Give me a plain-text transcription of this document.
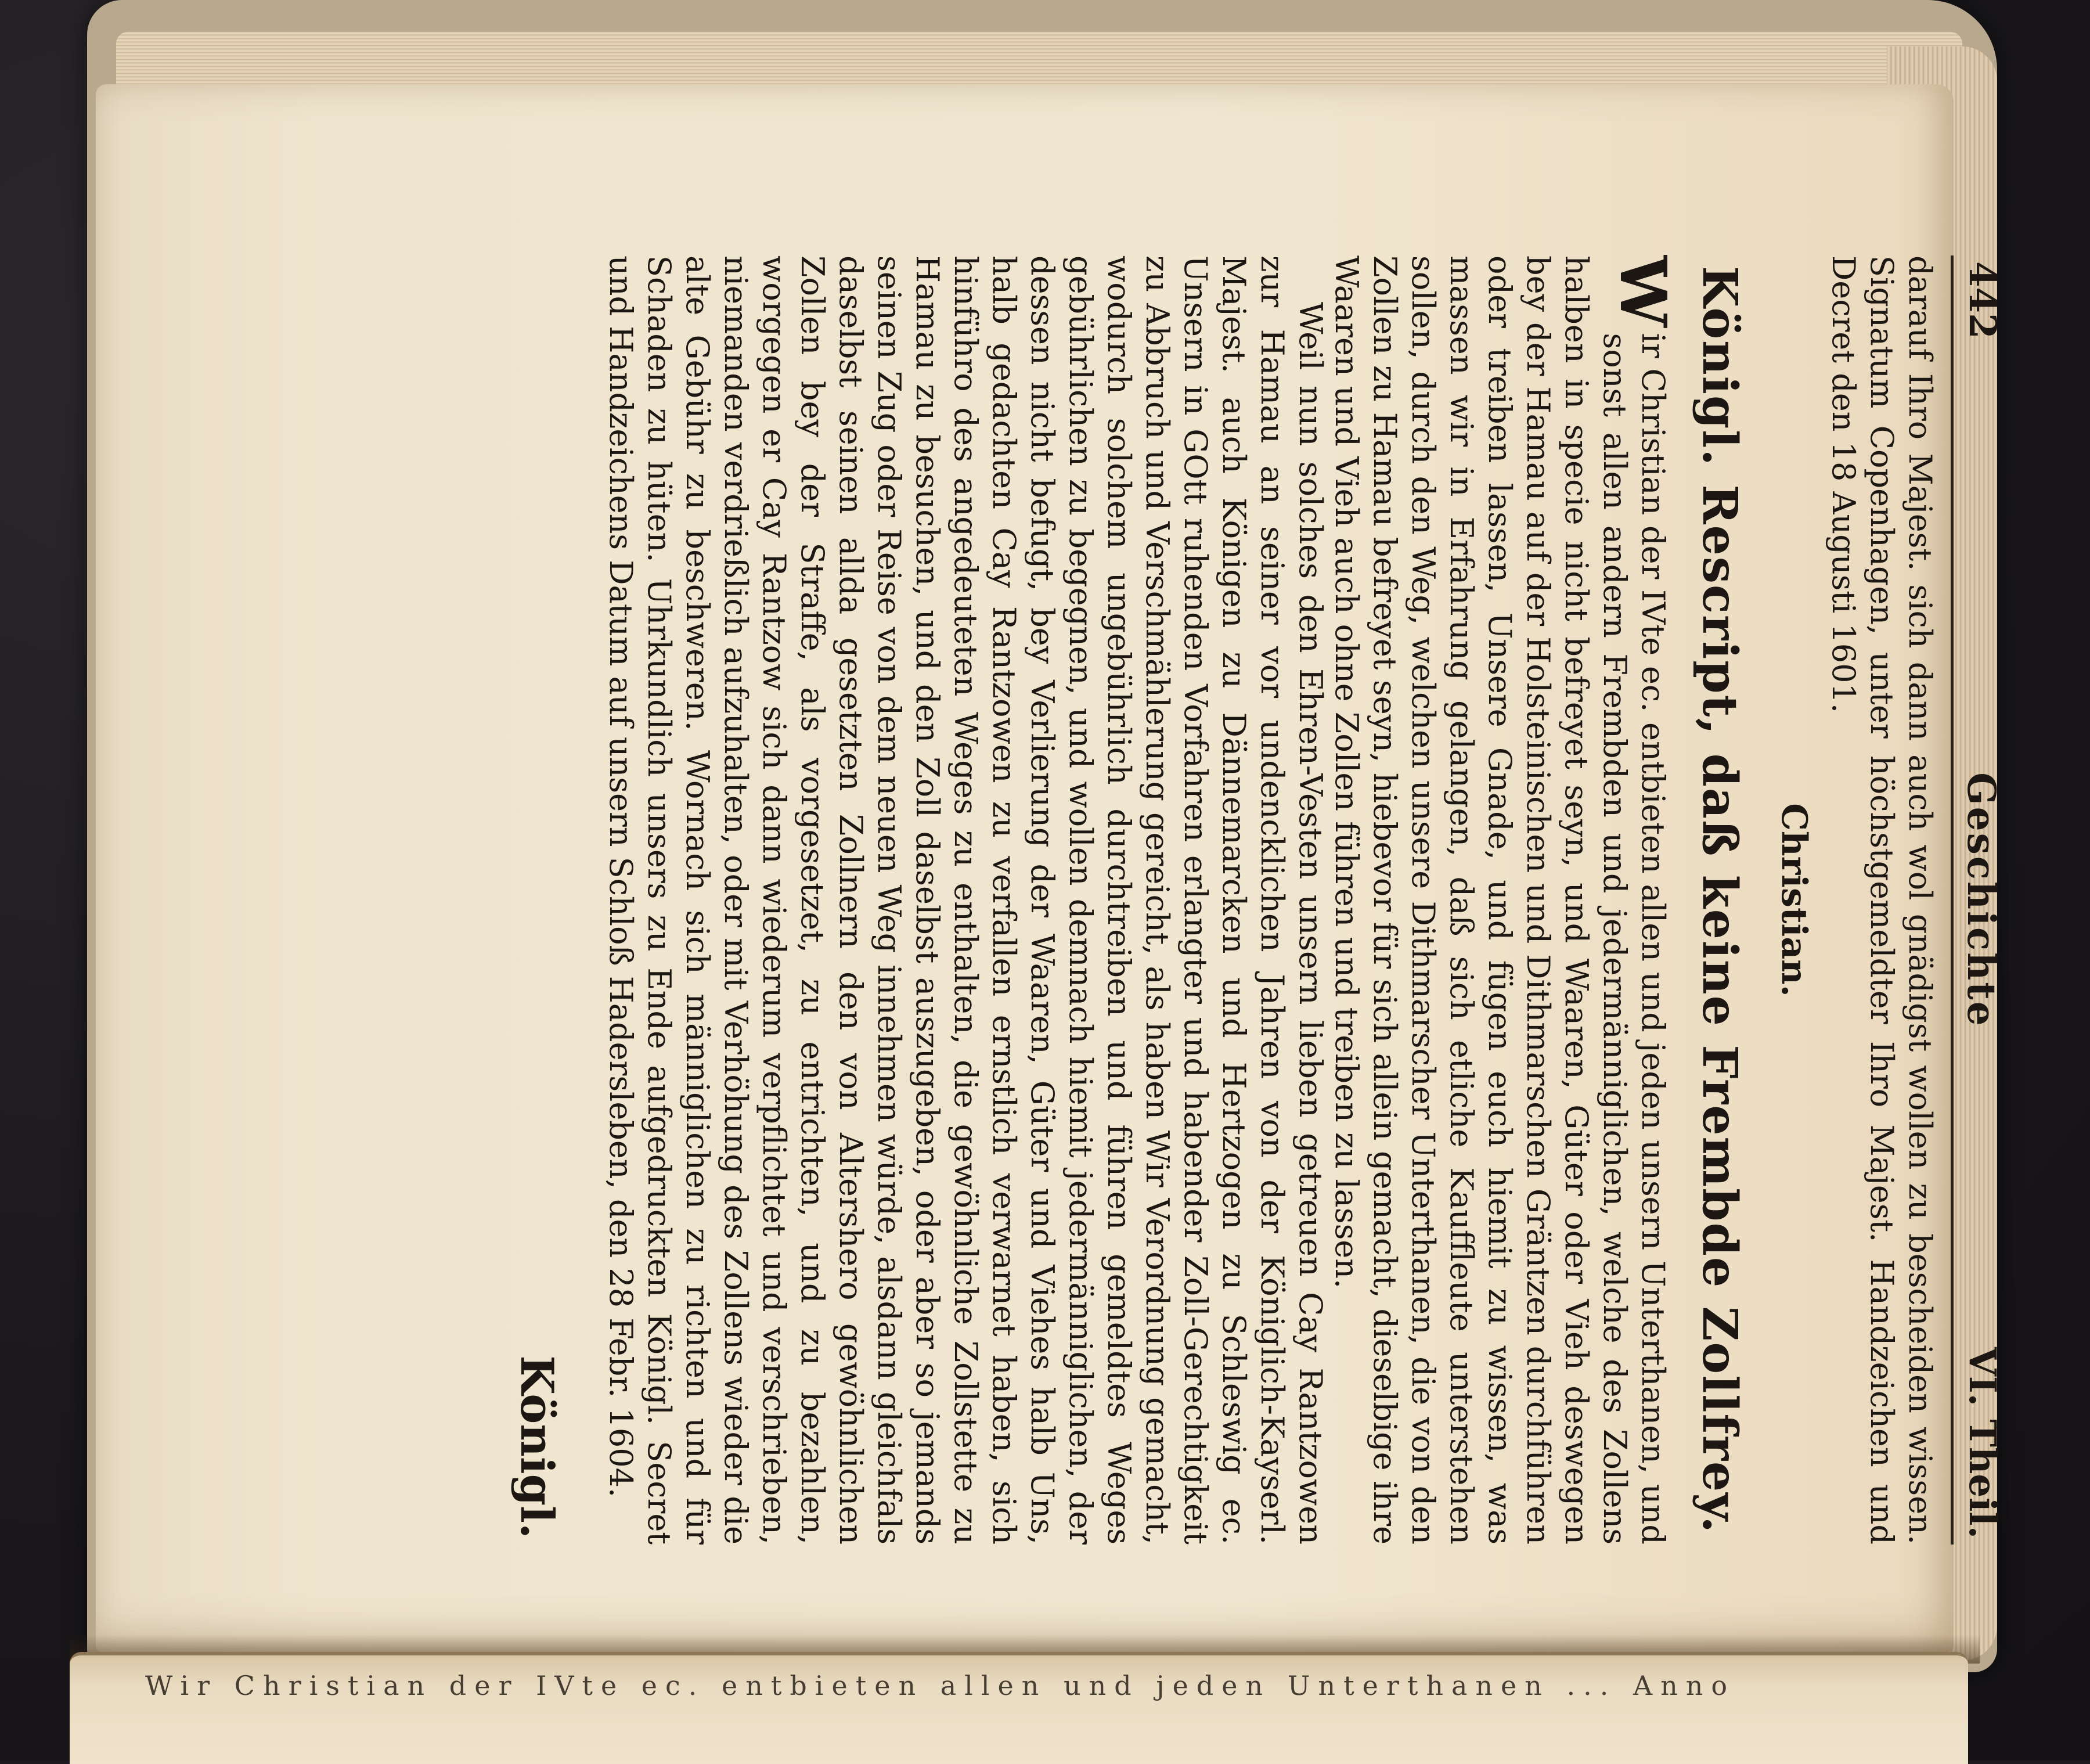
442
Geschichte
VI. Theil.
darauf Ihro Majest. sich dann auch wol gnädigst wollen zu bescheiden wissen. Signatum Copenhagen, unter höchstgemeldter Ihro Majest. Handzeichen und Decret den 18 Augusti 1601.
Christian.
Königl. Rescript, daß keine Frembde Zollfrey.
W
ir Christian der IVte ec. entbieten allen und jeden unsern Unterthanen, und sonst allen andern Frembden und jedermänniglichen, welche des Zollens halben in specie nicht befreyet seyn, und Waaren, Güter oder Vieh deswegen bey der Hamau auf der Holsteinischen und Dithmarschen Gräntzen durchführen oder treiben lassen, Unsere Gnade, und fügen euch hiemit zu wissen, was massen wir in Erfahrung gelangen, daß sich etliche Kauffleute unterstehen sollen, durch den Weg, welchen unsere Dithmarscher Unterthanen, die von den Zollen zu Hamau befreyet seyn, hiebevor für sich allein gemacht, dieselbige ihre Waaren und Vieh auch ohne Zollen führen und treiben zu lassen.
Weil nun solches den Ehren-Vesten unsern lieben getreuen Cay Rantzowen zur Hamau an seiner vor undencklichen Jahren von der Königlich-Kayserl. Majest. auch Königen zu Dännemarcken und Hertzogen zu Schleswig ec. Unsern in GOtt ruhenden Vorfahren erlangter und habender Zoll-Gerechtigkeit zu Abbruch und Verschmählerung gereicht, als haben Wir Verordnung gemacht, wodurch solchem ungebührlich durchtreiben und führen gemeldtes Weges gebührlichen zu begegnen, und wollen demnach hiemit jedermänniglichen, der dessen nicht befugt, bey Verlierung der Waaren, Güter und Viehes halb Uns, halb gedachten Cay Rantzowen zu verfallen ernstlich verwarnet haben, sich hinführo des angedeuteten Weges zu enthalten, die gewöhnliche Zollstette zu Hamau zu besuchen, und den Zoll daselbst auszugeben, oder aber so jemands seinen Zug oder Reise von dem neuen Weg innehmen würde, alsdann gleichfals daselbst seinen allda gesetzten Zollnern den von Altershero gewöhnlichen Zollen bey der Straffe, als vorgesetzet, zu entrichten, und zu bezahlen, worgegen er Cay Rantzow sich dann wiederum verpflichtet und verschrieben, niemanden verdrießlich aufzuhalten, oder mit Verhöhung des Zollens wieder die alte Gebühr zu beschweren. Wornach sich männiglichen zu richten und für Schaden zu hüten. Uhrkundlich unsers zu Ende aufgedruckten Königl. Secret und Handzeichens Datum auf unsern Schloß Hadersleben, den 28 Febr. 1604.
Königl.
Wir Christian der IVte ec. entbieten allen und jeden Unterthanen ... Anno
